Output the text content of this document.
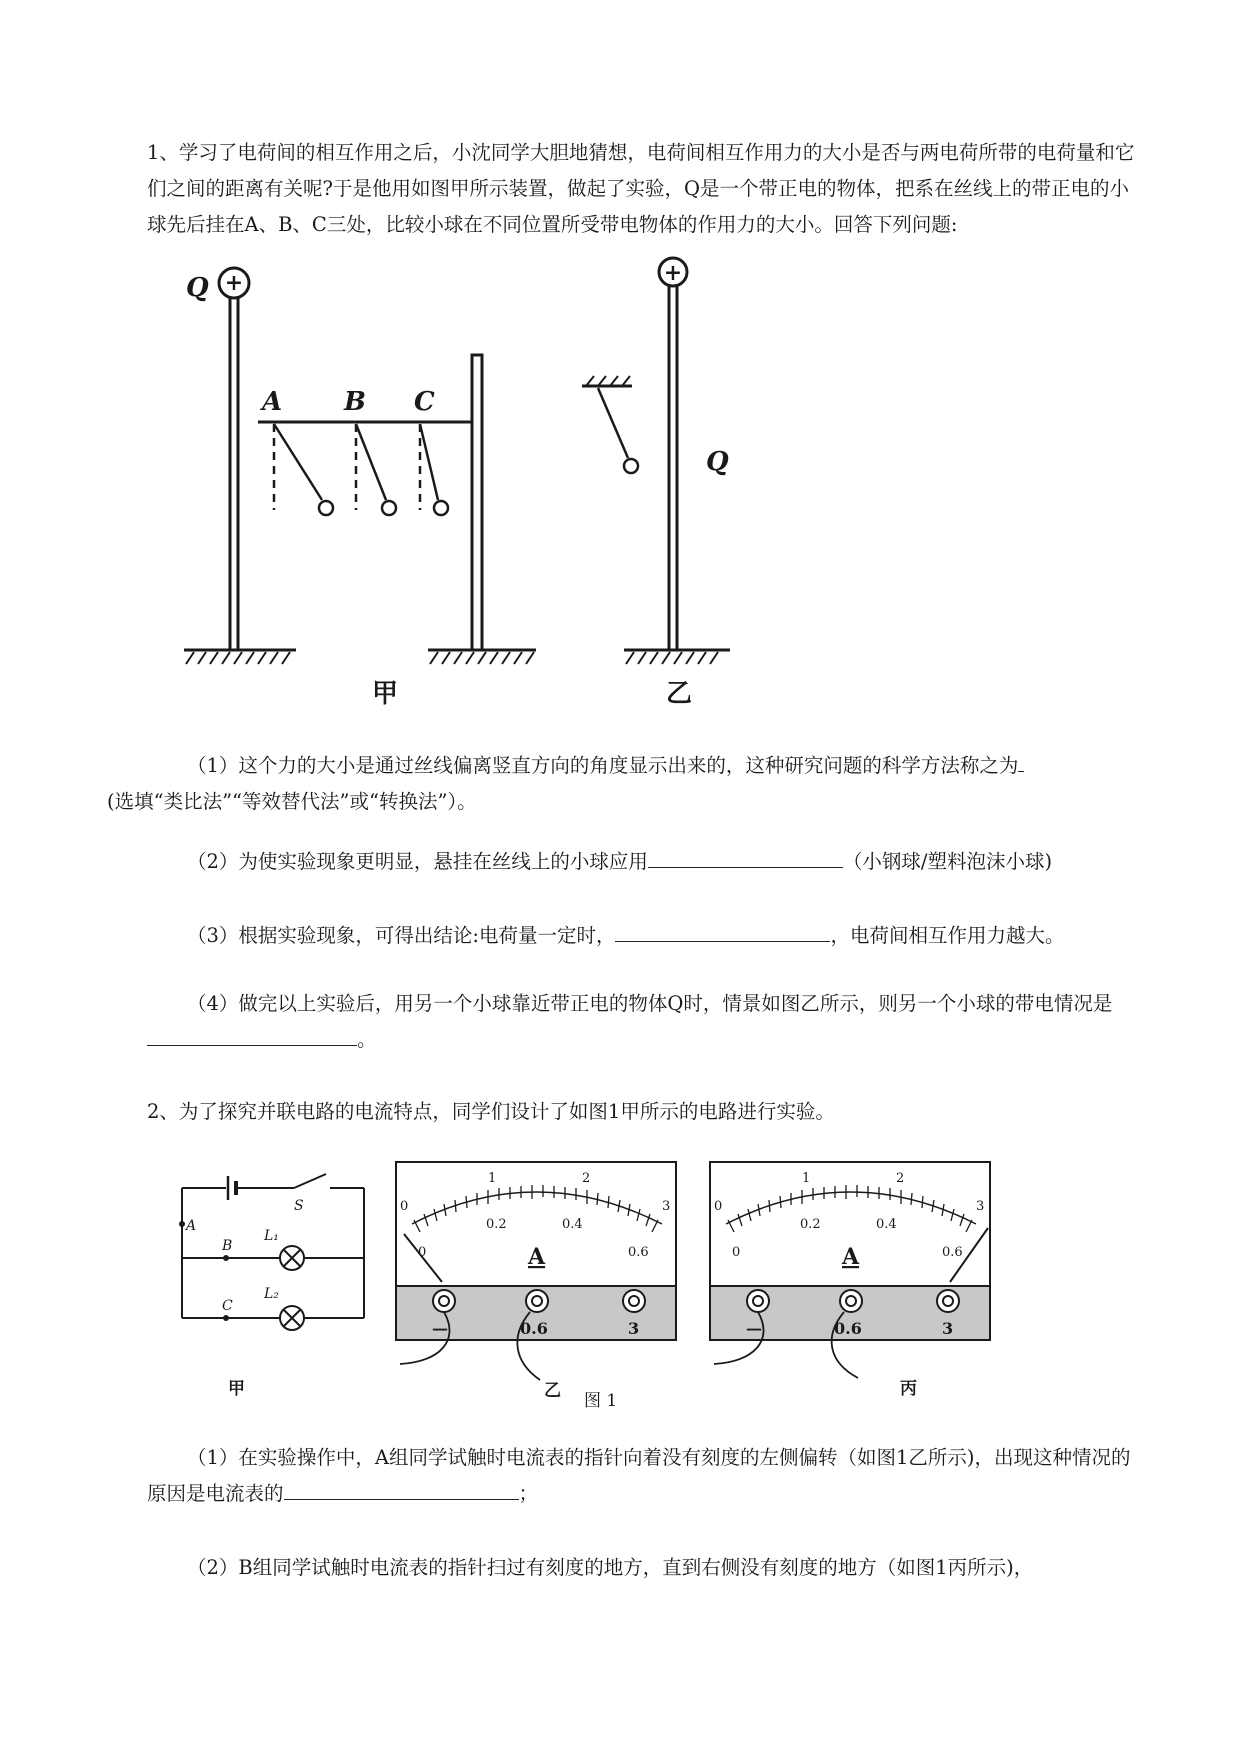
1、学习了电荷间的相互作用之后，小沈同学大胆地猜想，电荷间相互作用力的大小是否与两电荷所带的电荷量和它们之间的距离有关呢?于是他用如图甲所示装置，做起了实验，Q是一个带正电的物体，把系在丝线上的带正电的小球先后挂在A、B、C三处，比较小球在不同位置所受带电物体的作用力的大小。回答下列问题:

Q +
A B C
Q
+
甲	乙

（1）这个力的大小是通过丝线偏离竖直方向的角度显示出来的，这种研究问题的科学方法称之为
(选填“类比法”“等效替代法”或“转换法”）。

（2）为使实验现象更明显，悬挂在丝线上的小球应用	（小钢球/塑料泡沫小球)

（3）根据实验现象，可得出结论:电荷量一定时，	，电荷间相互作用力越大。

（4）做完以上实验后，用另一个小球靠近带正电的物体Q时，情景如图乙所示，则另一个小球的带电情况是。

2、为了探究并联电路的电流特点，同学们设计了如图1甲所示的电路进行实验。

A
B
C
S
L₁
L₂
甲
0
1	2
3
0
0.2	0.4
0.6
A
—	0.6	3
乙 图 1
0
1	2
3
0
0.2	0.4
0.6
A
—	0.6	3
丙

（1）在实验操作中，A组同学试触时电流表的指针向着没有刻度的左侧偏转（如图1乙所示)，出现这种情况的原因是电流表的	；

（2）B组同学试触时电流表的指针扫过有刻度的地方，直到右侧没有刻度的地方（如图1丙所示)，
